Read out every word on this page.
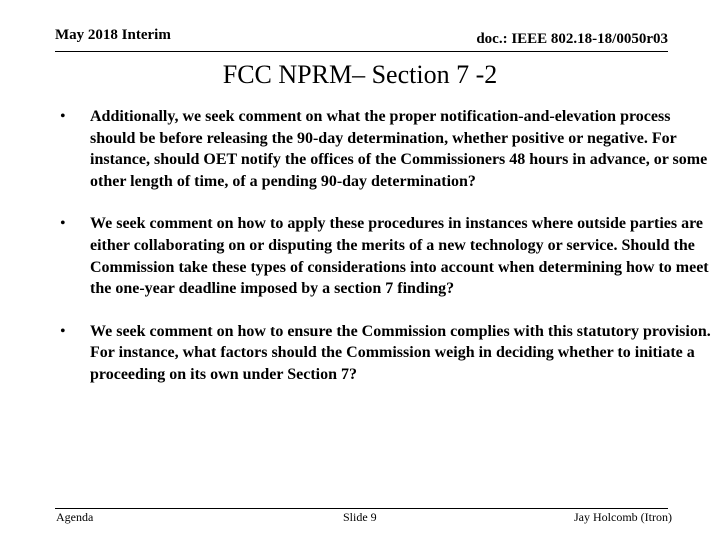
May 2018 Interim	doc.: IEEE 802.18-18/0050r03
FCC NPRM– Section 7 -2
• Additionally, we seek comment on what the proper notification-and-elevation process should be before releasing the 90-day determination, whether positive or negative. For instance, should OET notify the offices of the Commissioners 48 hours in advance, or some other length of time, of a pending 90-day determination?
• We seek comment on how to apply these procedures in instances where outside parties are either collaborating on or disputing the merits of a new technology or service. Should the Commission take these types of considerations into account when determining how to meet the one-year deadline imposed by a section 7 finding?
• We seek comment on how to ensure the Commission complies with this statutory provision. For instance, what factors should the Commission weigh in deciding whether to initiate a proceeding on its own under Section 7?
Agenda	Slide 9	Jay Holcomb (Itron)
